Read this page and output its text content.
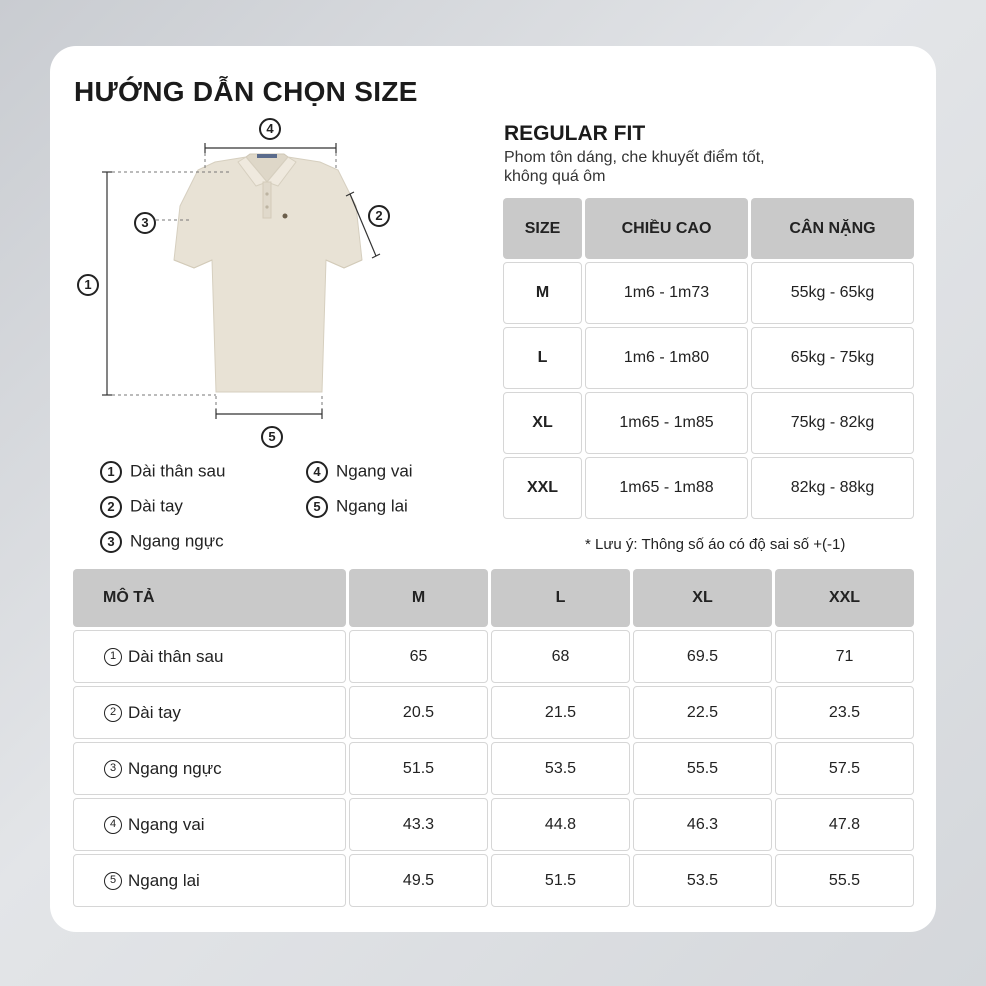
HƯỚNG DẪN CHỌN SIZE
4
1
3	2
5
1 Dài thân sau
2 Dài tay
3 Ngang ngực
4 Ngang vai
5 Ngang lai
REGULAR FIT
Phom tôn dáng, che khuyết điểm tốt,
không quá ôm
SIZE	CHIỀU CAO	CÂN NẶNG
M	1m6 - 1m73	55kg - 65kg
L	1m6 - 1m80	65kg - 75kg
XL	1m65 - 1m85	75kg - 82kg
XXL	1m65 - 1m88	82kg - 88kg
* Lưu ý: Thông số áo có độ sai số +(-1)
MÔ TẢ	M	L	XL	XXL
1 Dài thân sau	65	68	69.5	71
2 Dài tay	20.5	21.5	22.5	23.5
3 Ngang ngực	51.5	53.5	55.5	57.5
4 Ngang vai	43.3	44.8	46.3	47.8
5 Ngang lai	49.5	51.5	53.5	55.5
